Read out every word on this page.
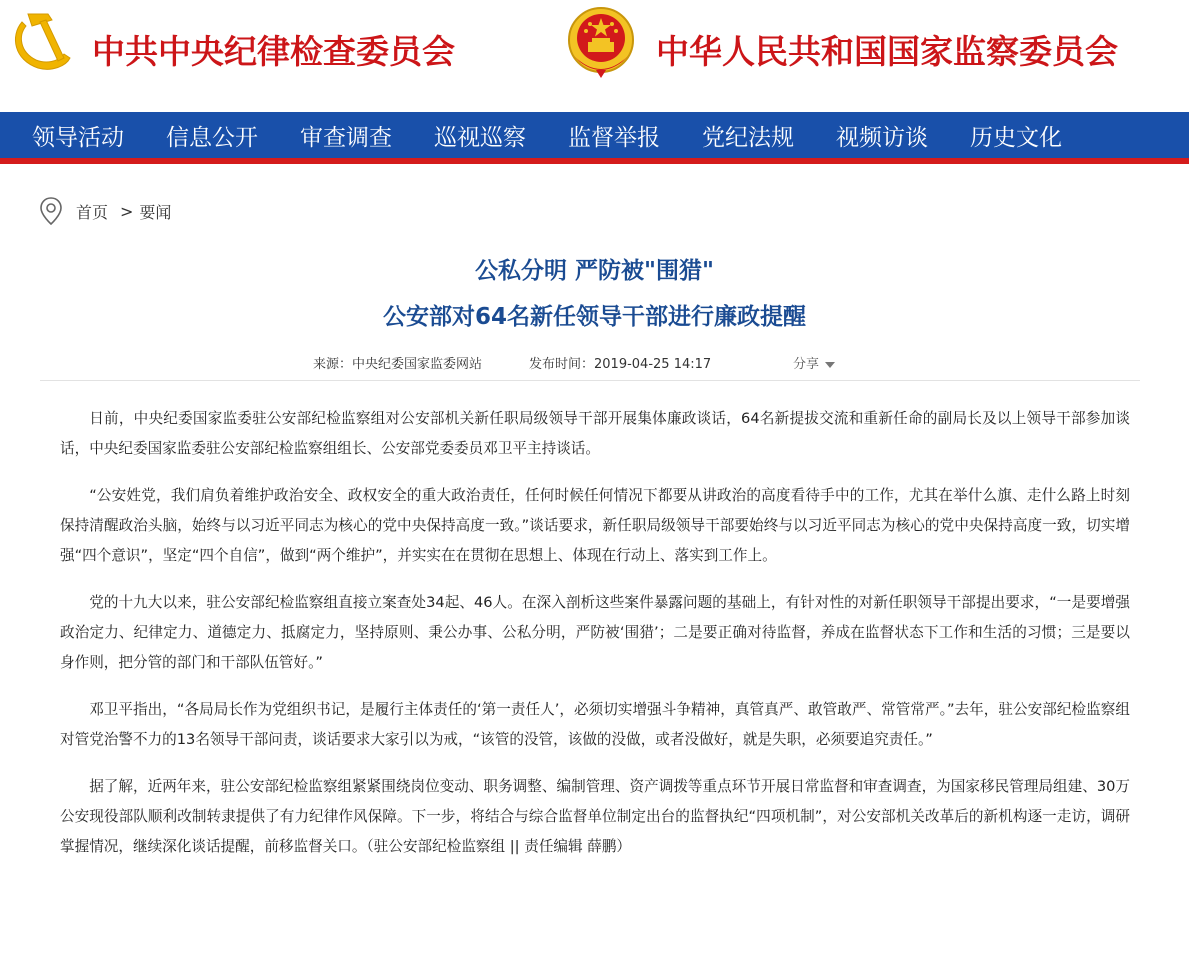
中共中央纪律检查委员会	中华人民共和国国家监察委员会
领导活动 信息公开 审查调查 巡视巡察 监督举报 党纪法规 视频访谈 历史文化
首页 > 要闻
公私分明 严防被"围猎"
公安部对64名新任领导干部进行廉政提醒
来源：中央纪委国家监委网站	发布时间：2019-04-25 14:17	分享

日前，中央纪委国家监委驻公安部纪检监察组对公安部机关新任职局级领导干部开展集体廉政谈话，64名新提拔交流和重新任命的副局长及以上领导干部参加谈话，中央纪委国家监委驻公安部纪检监察组组长、公安部党委委员邓卫平主持谈话。

“公安姓党，我们肩负着维护政治安全、政权安全的重大政治责任，任何时候任何情况下都要从讲政治的高度看待手中的工作，尤其在举什么旗、走什么路上时刻保持清醒政治头脑，始终与以习近平同志为核心的党中央保持高度一致。”谈话要求，新任职局级领导干部要始终与以习近平同志为核心的党中央保持高度一致，切实增强“四个意识”，坚定“四个自信”，做到“两个维护”，并实实在在贯彻在思想上、体现在行动上、落实到工作上。

党的十九大以来，驻公安部纪检监察组直接立案查处34起、46人。在深入剖析这些案件暴露问题的基础上，有针对性的对新任职领导干部提出要求，“一是要增强政治定力、纪律定力、道德定力、抵腐定力，坚持原则、秉公办事、公私分明，严防被‘围猎’；二是要正确对待监督，养成在监督状态下工作和生活的习惯；三是要以身作则，把分管的部门和干部队伍管好。”

邓卫平指出，“各局局长作为党组织书记，是履行主体责任的‘第一责任人’，必须切实增强斗争精神，真管真严、敢管敢严、常管常严。”去年，驻公安部纪检监察组对管党治警不力的13名领导干部问责，谈话要求大家引以为戒，“该管的没管，该做的没做，或者没做好，就是失职，必须要追究责任。”

据了解，近两年来，驻公安部纪检监察组紧紧围绕岗位变动、职务调整、编制管理、资产调拨等重点环节开展日常监督和审查调查，为国家移民管理局组建、30万公安现役部队顺利改制转隶提供了有力纪律作风保障。下一步，将结合与综合监督单位制定出台的监督执纪“四项机制”，对公安部机关改革后的新机构逐一走访，调研掌握情况，继续深化谈话提醒，前移监督关口。（驻公安部纪检监察组 || 责任编辑 薛鹏）
